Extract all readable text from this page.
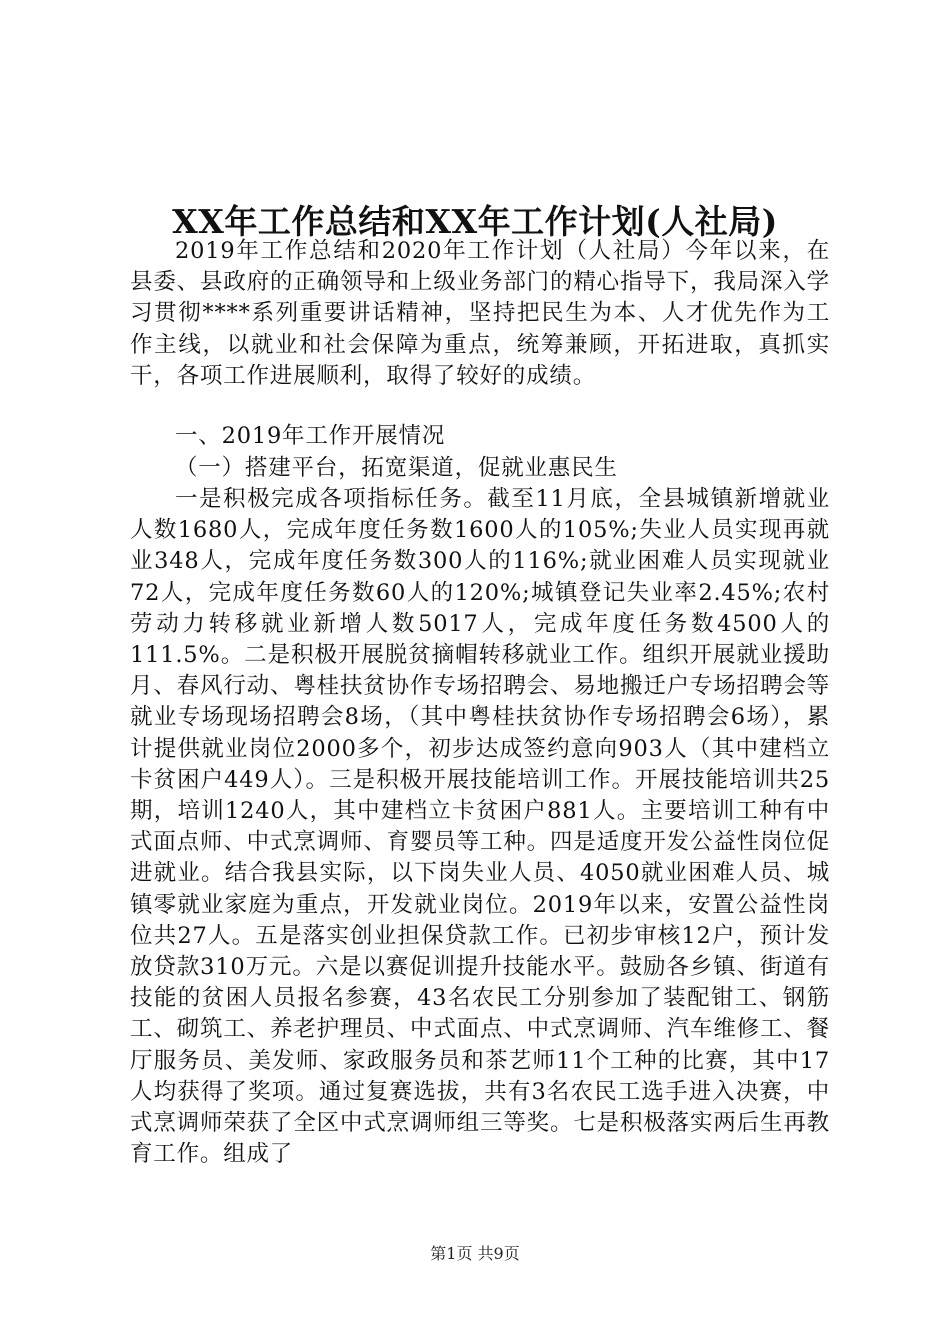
XX年工作总结和XX年工作计划(人社局)

2019年工作总结和2020年工作计划（人社局）今年以来，在县委、县政府的正确领导和上级业务部门的精心指导下，我局深入学习贯彻****系列重要讲话精神，坚持把民生为本、人才优先作为工作主线，以就业和社会保障为重点，统筹兼顾，开拓进取，真抓实干，各项工作进展顺利，取得了较好的成绩。

一、2019年工作开展情况

（一）搭建平台，拓宽渠道，促就业惠民生

一是积极完成各项指标任务。截至11月底，全县城镇新增就业人数1680人，完成年度任务数1600人的105%;失业人员实现再就业348人，完成年度任务数300人的116%;就业困难人员实现就业72人，完成年度任务数60人的120%;城镇登记失业率2.45%;农村劳动力转移就业新增人数5017人，完成年度任务数4500人的111.5%。二是积极开展脱贫摘帽转移就业工作。组织开展就业援助月、春风行动、粤桂扶贫协作专场招聘会、易地搬迁户专场招聘会等就业专场现场招聘会8场，（其中粤桂扶贫协作专场招聘会6场），累计提供就业岗位2000多个，初步达成签约意向903人（其中建档立卡贫困户449人）。三是积极开展技能培训工作。开展技能培训共25期，培训1240人，其中建档立卡贫困户881人。主要培训工种有中式面点师、中式烹调师、育婴员等工种。四是适度开发公益性岗位促进就业。结合我县实际，以下岗失业人员、4050就业困难人员、城镇零就业家庭为重点，开发就业岗位。2019年以来，安置公益性岗位共27人。五是落实创业担保贷款工作。已初步审核12户，预计发放贷款310万元。六是以赛促训提升技能水平。鼓励各乡镇、街道有技能的贫困人员报名参赛，43名农民工分别参加了装配钳工、钢筋工、砌筑工、养老护理员、中式面点、中式烹调师、汽车维修工、餐厅服务员、美发师、家政服务员和茶艺师11个工种的比赛，其中17人均获得了奖项。通过复赛选拔，共有3名农民工选手进入决赛，中式烹调师荣获了全区中式烹调师组三等奖。七是积极落实两后生再教育工作。组成了

第1页 共9页
